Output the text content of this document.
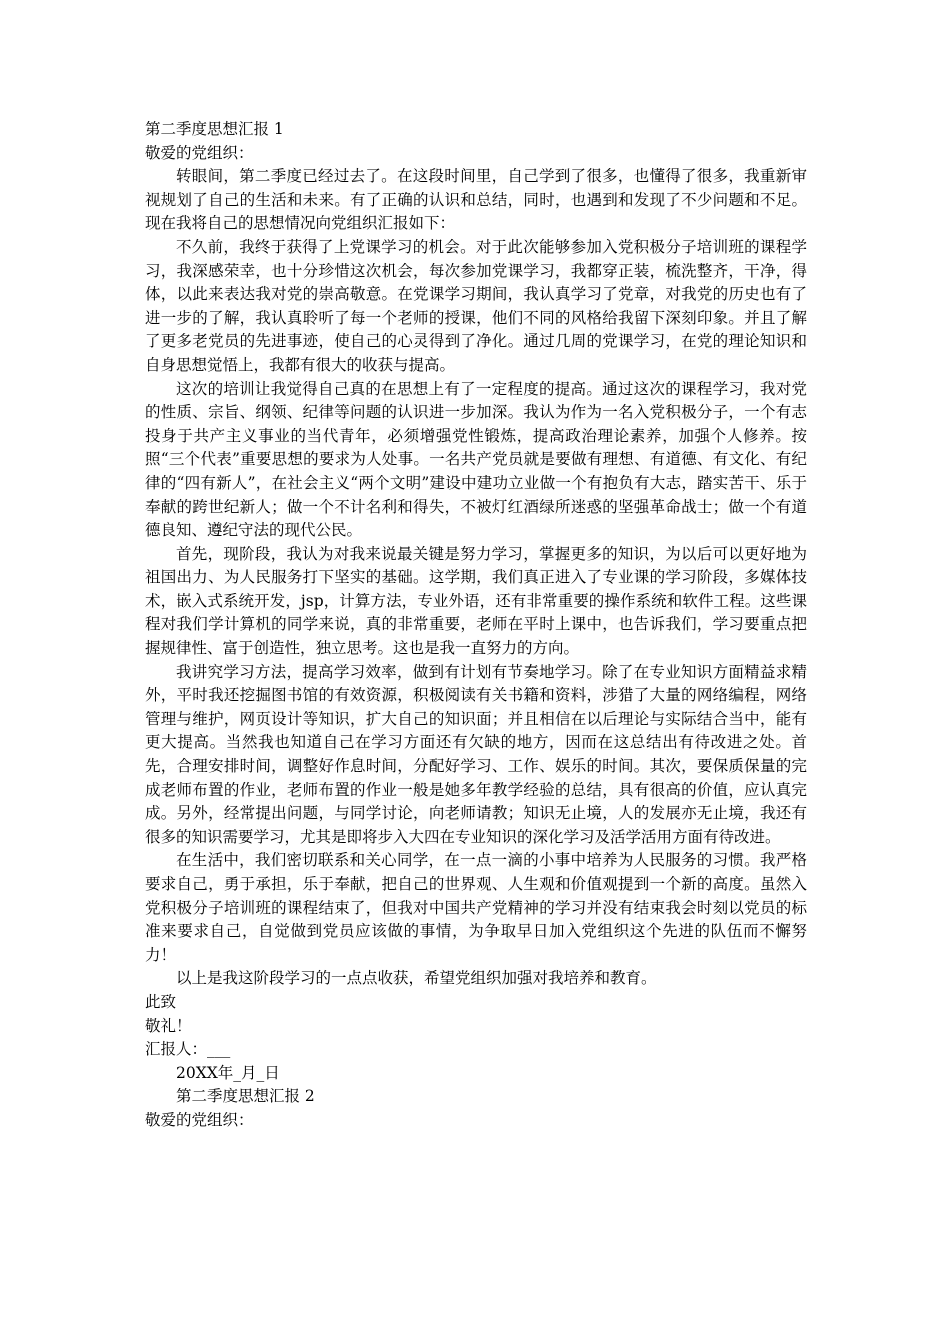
第二季度思想汇报 1
敬爱的党组织：

转眼间，第二季度已经过去了。在这段时间里，自己学到了很多，也懂得了很多，我重新审视规划了自己的生活和未来。有了正确的认识和总结，同时，也遇到和发现了不少问题和不足。现在我将自己的思想情况向党组织汇报如下：

不久前，我终于获得了上党课学习的机会。对于此次能够参加入党积极分子培训班的课程学习，我深感荣幸，也十分珍惜这次机会，每次参加党课学习，我都穿正装，梳洗整齐，干净，得体，以此来表达我对党的崇高敬意。在党课学习期间，我认真学习了党章，对我党的历史也有了进一步的了解，我认真聆听了每一个老师的授课，他们不同的风格给我留下深刻印象。并且了解了更多老党员的先进事迹，使自己的心灵得到了净化。通过几周的党课学习，在党的理论知识和自身思想觉悟上，我都有很大的收获与提高。

这次的培训让我觉得自己真的在思想上有了一定程度的提高。通过这次的课程学习，我对党的性质、宗旨、纲领、纪律等问题的认识进一步加深。我认为作为一名入党积极分子，一个有志投身于共产主义事业的当代青年，必须增强党性锻炼，提高政治理论素养，加强个人修养。按照“三个代表”重要思想的要求为人处事。一名共产党员就是要做有理想、有道德、有文化、有纪律的“四有新人”，在社会主义“两个文明”建设中建功立业做一个有抱负有大志，踏实苦干、乐于奉献的跨世纪新人；做一个不计名利和得失，不被灯红酒绿所迷惑的坚强革命战士；做一个有道德良知、遵纪守法的现代公民。

首先，现阶段，我认为对我来说最关键是努力学习，掌握更多的知识，为以后可以更好地为祖国出力、为人民服务打下坚实的基础。这学期，我们真正进入了专业课的学习阶段，多媒体技术，嵌入式系统开发，jsp，计算方法，专业外语，还有非常重要的操作系统和软件工程。这些课程对我们学计算机的同学来说，真的非常重要，老师在平时上课中，也告诉我们，学习要重点把握规律性、富于创造性，独立思考。这也是我一直努力的方向。

我讲究学习方法，提高学习效率，做到有计划有节奏地学习。除了在专业知识方面精益求精外，平时我还挖掘图书馆的有效资源，积极阅读有关书籍和资料，涉猎了大量的网络编程，网络管理与维护，网页设计等知识，扩大自己的知识面；并且相信在以后理论与实际结合当中，能有更大提高。当然我也知道自己在学习方面还有欠缺的地方，因而在这总结出有待改进之处。首先，合理安排时间，调整好作息时间，分配好学习、工作、娱乐的时间。其次，要保质保量的完成老师布置的作业，老师布置的作业一般是她多年教学经验的总结，具有很高的价值，应认真完成。另外，经常提出问题，与同学讨论，向老师请教；知识无止境，人的发展亦无止境，我还有很多的知识需要学习，尤其是即将步入大四在专业知识的深化学习及活学活用方面有待改进。

在生活中，我们密切联系和关心同学，在一点一滴的小事中培养为人民服务的习惯。我严格要求自己，勇于承担，乐于奉献，把自己的世界观、人生观和价值观提到一个新的高度。虽然入党积极分子培训班的课程结束了，但我对中国共产党精神的学习并没有结束我会时刻以党员的标准来要求自己，自觉做到党员应该做的事情，为争取早日加入党组织这个先进的队伍而不懈努力！

以上是我这阶段学习的一点点收获，希望党组织加强对我培养和教育。

此致
敬礼！
汇报人：___
20XX年_月_日
第二季度思想汇报 2
敬爱的党组织：
